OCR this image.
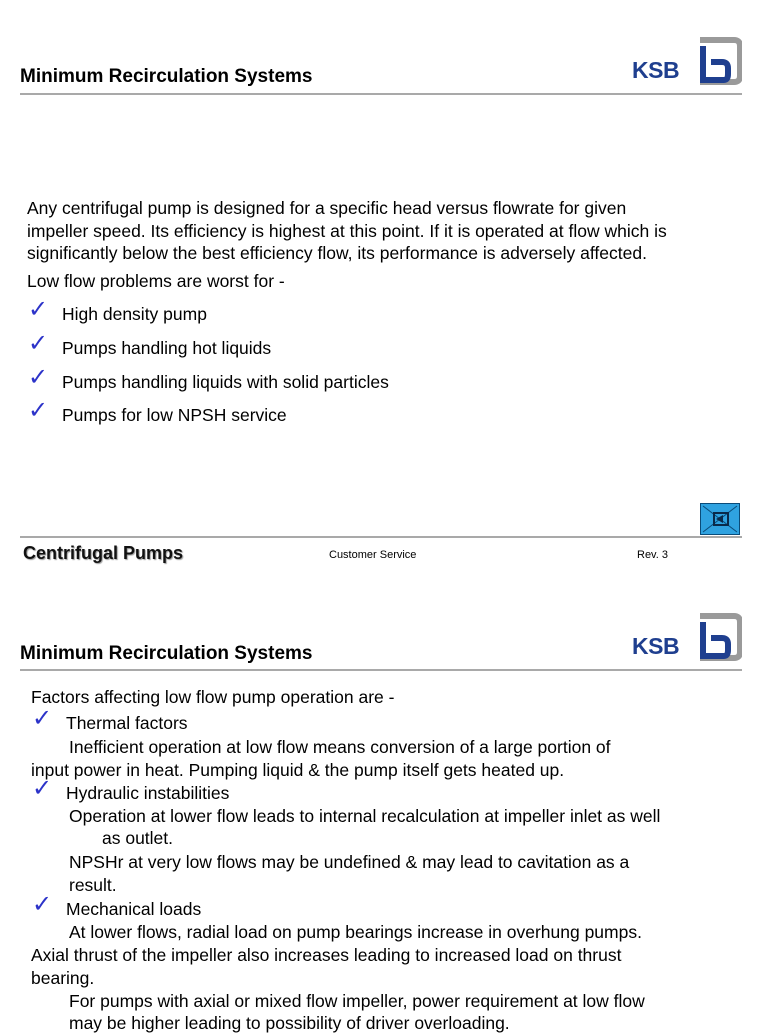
Minimum Recirculation Systems	KSB
Any centrifugal pump is designed for a specific head versus flowrate for given
impeller speed. Its efficiency is highest at this point. If it is operated at flow which is
significantly below the best efficiency flow, its performance is adversely affected.
Low flow problems are worst for -
✓ High density pump
✓ Pumps handling hot liquids
✓ Pumps handling liquids with solid particles
✓ Pumps for low NPSH service
Centrifugal Pumps	Customer Service	Rev. 3
Minimum Recirculation Systems	KSB
Factors affecting low flow pump operation are -
✓ Thermal factors
Inefficient operation at low flow means conversion of a large portion of
input power in heat. Pumping liquid & the pump itself gets heated up.
✓ Hydraulic instabilities
Operation at lower flow leads to internal recalculation at impeller inlet as well
as outlet.
NPSHr at very low flows may be undefined & may lead to cavitation as a
result.
✓ Mechanical loads
At lower flows, radial load on pump bearings increase in overhung pumps.
Axial thrust of the impeller also increases leading to increased load on thrust
bearing.
For pumps with axial or mixed flow impeller, power requirement at low flow
may be higher leading to possibility of driver overloading.
